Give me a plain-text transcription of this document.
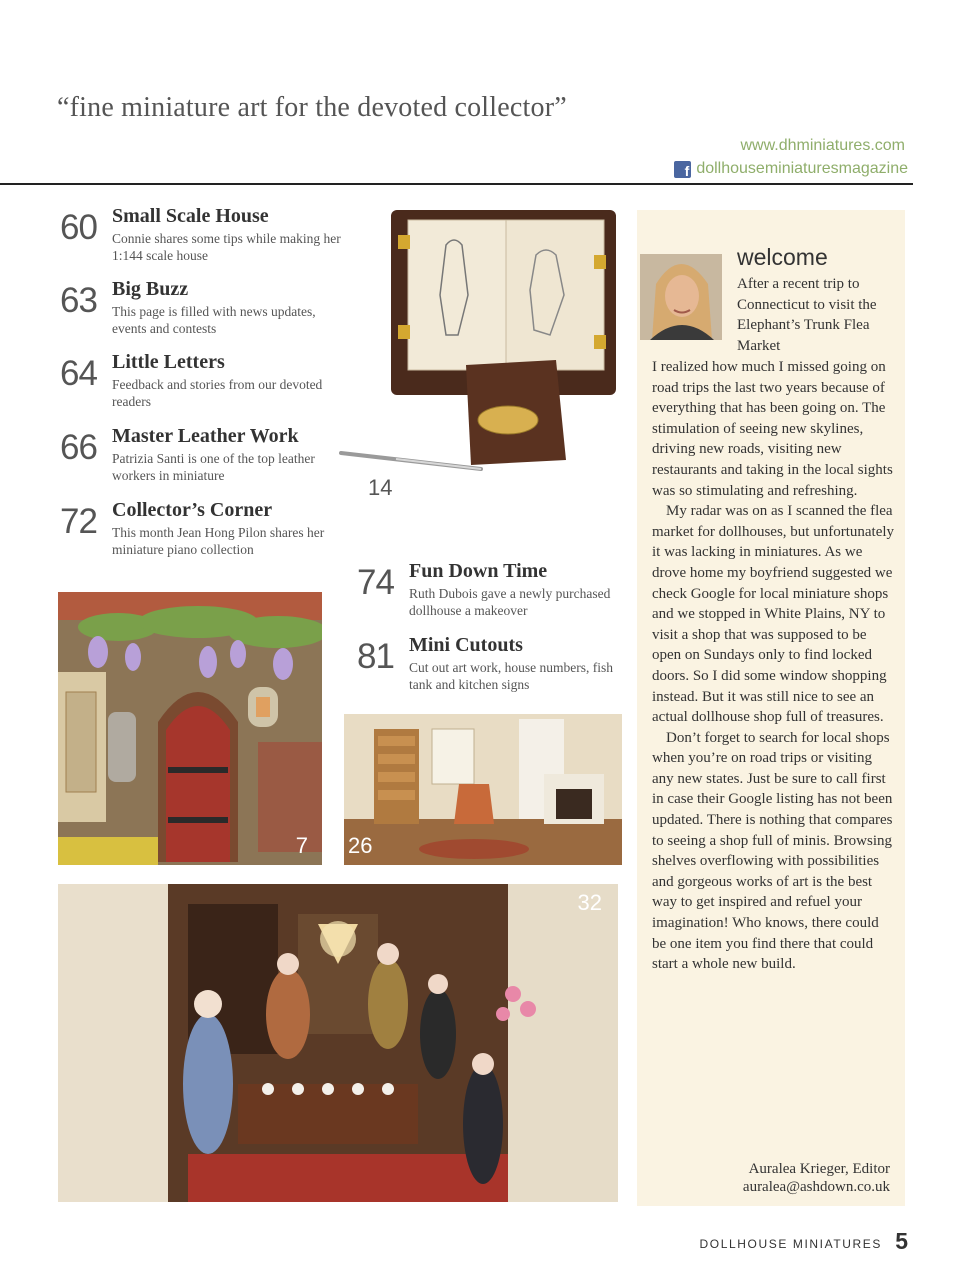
“fine miniature art for the devoted collector”
www.dhminiatures.com
f dollhouseminiaturesmagazine
60 Small Scale House
Connie shares some tips while making her 1:144 scale house
63 Big Buzz
This page is filled with news updates, events and contests
64 Little Letters
Feedback and stories from our devoted readers
66 Master Leather Work
Patrizia Santi is one of the top leather workers in miniature
72 Collector’s Corner
This month Jean Hong Pilon shares her miniature piano collection
74 Fun Down Time
Ruth Dubois gave a newly purchased dollhouse a makeover
81 Mini Cutouts
Cut out art work, house numbers, fish tank and kitchen signs
14
7 26
32
welcome
After a recent trip to Connecticut to visit the Elephant’s Trunk Flea Market

I realized how much I missed going on road trips the last two years because of everything that has been going on. The stimulation of seeing new skylines, driving new roads, visiting new restaurants and taking in the local sights was so stimulating and refreshing.

My radar was on as I scanned the flea market for dollhouses, but unfortunately it was lacking in miniatures. As we drove home my boyfriend suggested we check Google for local miniature shops and we stopped in White Plains, NY to visit a shop that was supposed to be open on Sundays only to find locked doors. So I did some window shopping instead. But it was still nice to see an actual dollhouse shop full of treasures.

Don’t forget to search for local shops when you’re on road trips or visiting any new states. Just be sure to call first in case their Google listing has not been updated. There is nothing that compares to seeing a shop full of minis. Browsing shelves overflowing with possibilities and gorgeous works of art is the best way to get inspired and refuel your imagination! Who knows, there could be one item you find there that could start a whole new build.

Auralea Krieger, Editor
auralea@ashdown.co.uk
DOLLHOUSE MINIATURES 5
